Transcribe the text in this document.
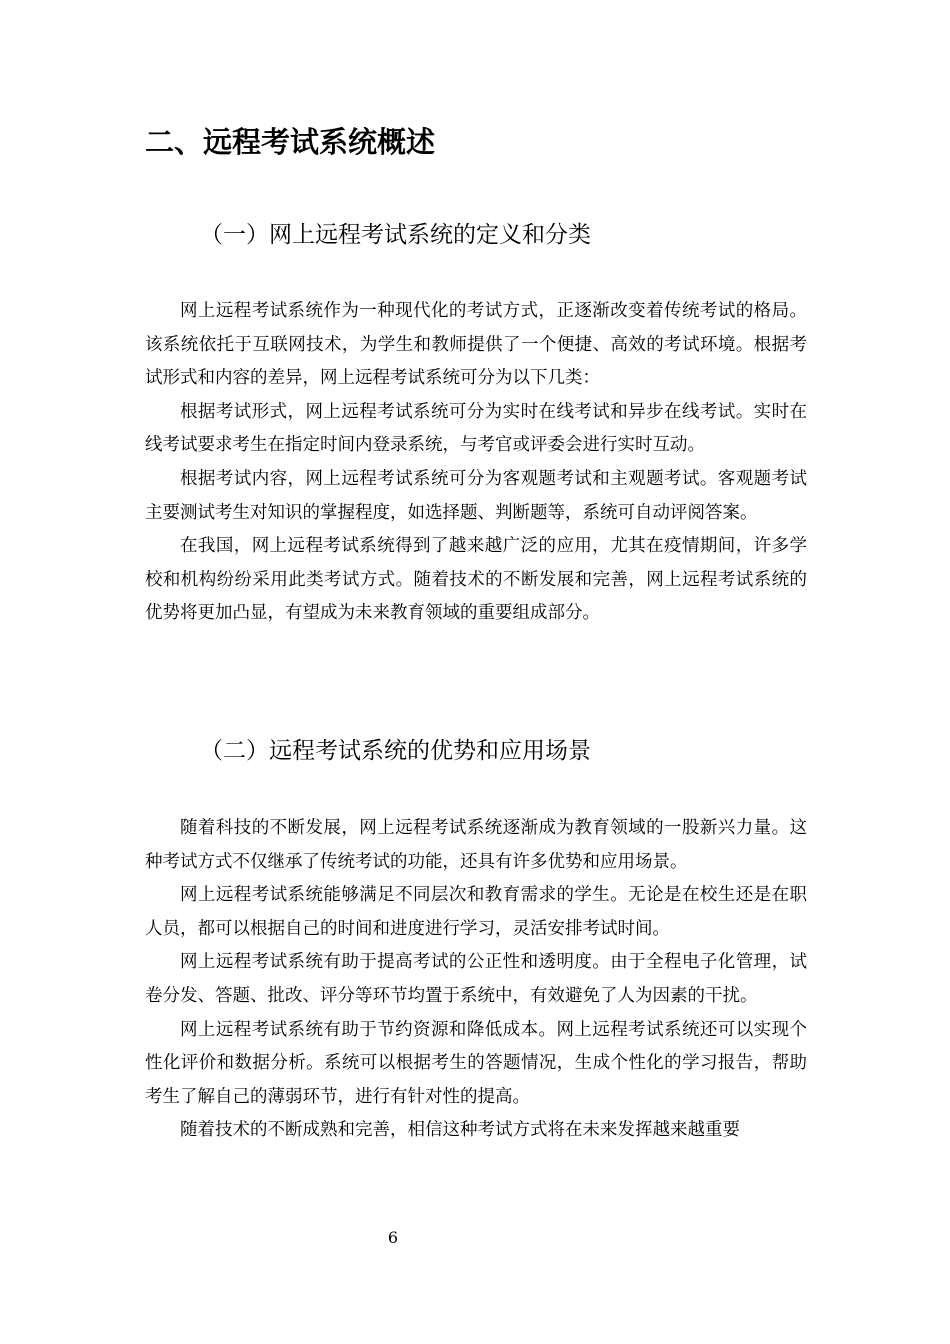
二、远程考试系统概述
（一）网上远程考试系统的定义和分类

网上远程考试系统作为一种现代化的考试方式，正逐渐改变着传统考试的格局。该系统依托于互联网技术，为学生和教师提供了一个便捷、高效的考试环境。根据考试形式和内容的差异，网上远程考试系统可分为以下几类：

根据考试形式，网上远程考试系统可分为实时在线考试和异步在线考试。实时在线考试要求考生在指定时间内登录系统，与考官或评委会进行实时互动。

根据考试内容，网上远程考试系统可分为客观题考试和主观题考试。客观题考试主要测试考生对知识的掌握程度，如选择题、判断题等，系统可自动评阅答案。

在我国，网上远程考试系统得到了越来越广泛的应用，尤其在疫情期间，许多学校和机构纷纷采用此类考试方式。随着技术的不断发展和完善，网上远程考试系统的优势将更加凸显，有望成为未来教育领域的重要组成部分。

（二）远程考试系统的优势和应用场景

随着科技的不断发展，网上远程考试系统逐渐成为教育领域的一股新兴力量。这种考试方式不仅继承了传统考试的功能，还具有许多优势和应用场景。

网上远程考试系统能够满足不同层次和教育需求的学生。无论是在校生还是在职人员，都可以根据自己的时间和进度进行学习，灵活安排考试时间。

网上远程考试系统有助于提高考试的公正性和透明度。由于全程电子化管理，试卷分发、答题、批改、评分等环节均置于系统中，有效避免了人为因素的干扰。

网上远程考试系统有助于节约资源和降低成本。网上远程考试系统还可以实现个性化评价和数据分析。系统可以根据考生的答题情况，生成个性化的学习报告，帮助考生了解自己的薄弱环节，进行有针对性的提高。

随着技术的不断成熟和完善，相信这种考试方式将在未来发挥越来越重要

6
